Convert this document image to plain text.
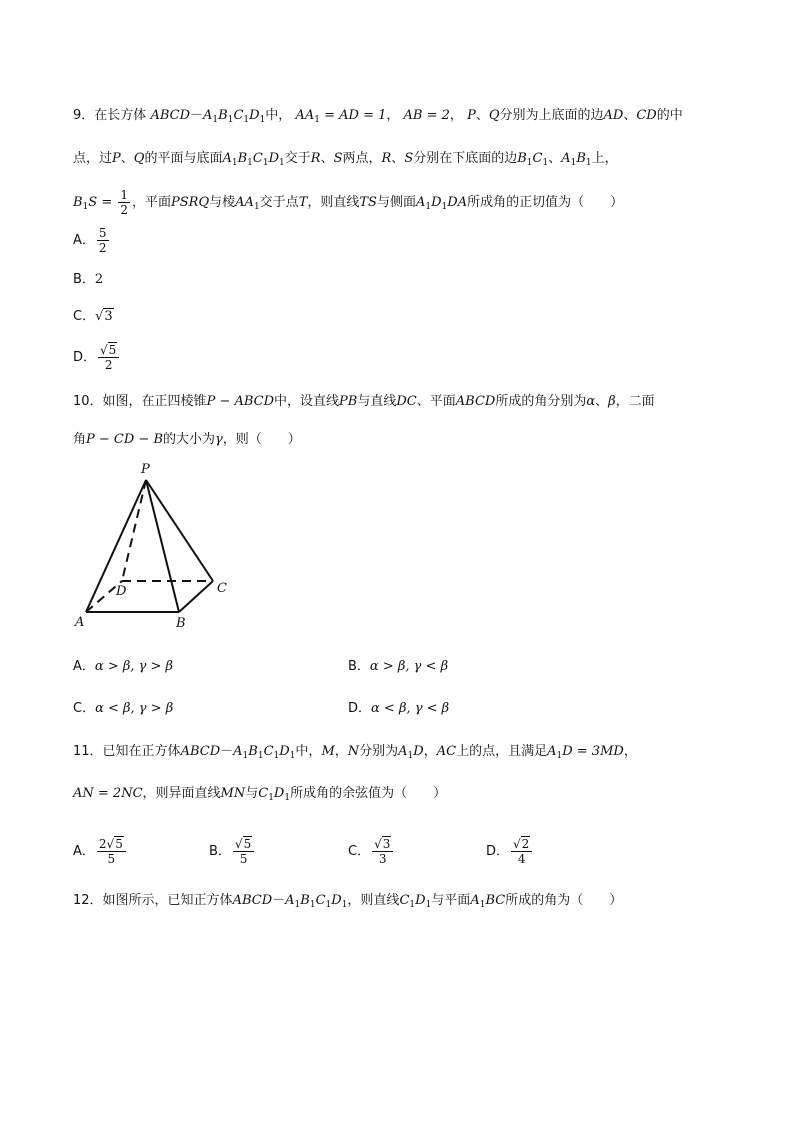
9．在长方体 $ABCD-A_1B_1C_1D_1$中， $AA_1$ = AD = 1， AB = 2， P、Q分别为上底面的边AD、CD的中
点，过P、Q的平面与底面$A_1B_1C_1D_1$交于R、S两点，R、S分别在下底面的边$B_1C_1$、$A_1B_1$上，
$B_1S = \frac{1}{2}$ ，平面PSRQ与棱$AA_1$交于点T，则直线TS与侧面$A_1D_1DA$所成角的正切值为（　　）
A． $\frac{5}{2}$
B．2
C．√3
D． $\frac{√5}{2}$
10．如图，在正四棱锥P − ABCD中，设直线PB与直线DC、平面ABCD所成的角分别为α、β，二面
角P − CD − B的大小为γ，则（　　）
P
A	B
C
D
A．α > β, γ > β	B．α > β, γ < β
C．α < β, γ > β	D．α < β, γ < β
11．已知在正方体$ABCD-A_1B_1C_1D_1$中，M，N分别为$A_1D$，AC上的点，且满足$A_1D = 3MD$，
AN = 2NC，则异面直线MN与$C_1D_1$所成角的余弦值为（　　）
A． $\frac{2√5}{5}$	B． $\frac{√5}{5}$	C． $\frac{√3}{3}$	D． $\frac{√2}{4}$
12．如图所示，已知正方体$ABCD-A_1B_1C_1D_1$，则直线$C_1D_1$与平面$A_1BC$所成的角为（　　）
